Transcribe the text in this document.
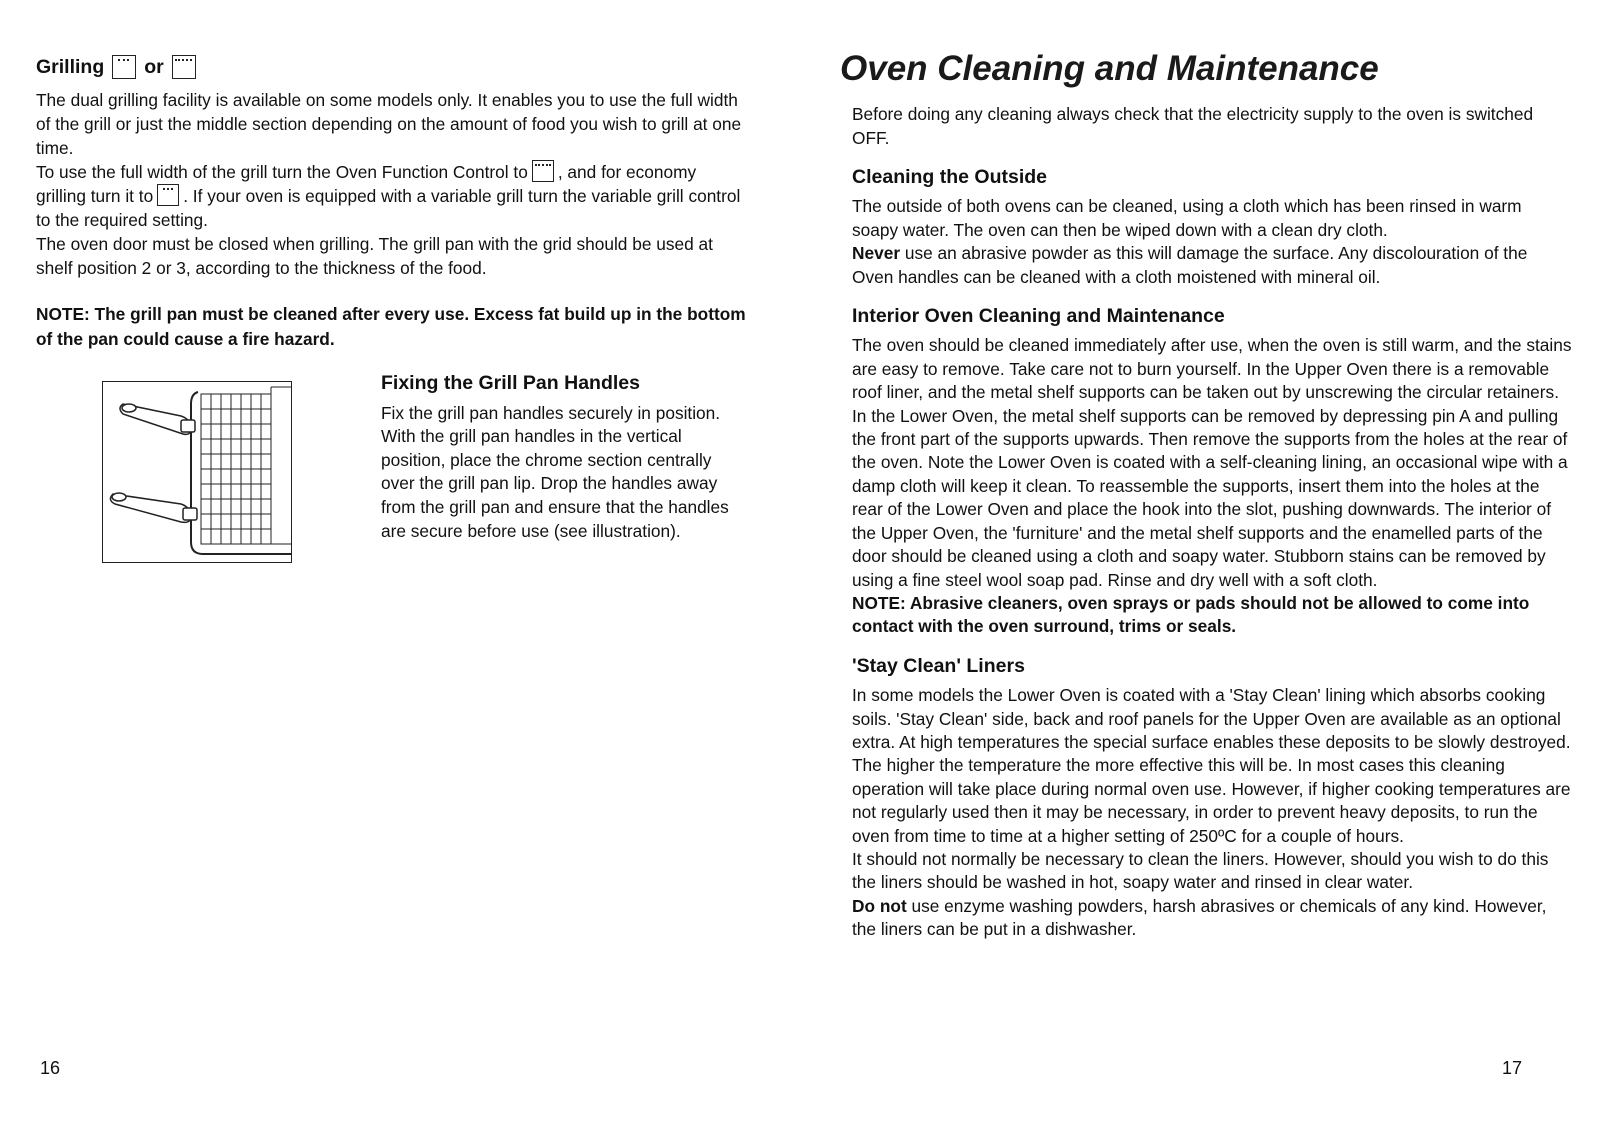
Grilling or

The dual grilling facility is available on some models only. It enables you to use the full width of the grill or just the middle section depending on the amount of food you wish to grill at one time.

To use the full width of the grill turn the Oven Function Control to , and for economy grilling turn it to . If your oven is equipped with a variable grill turn the variable grill control to the required setting.

The oven door must be closed when grilling. The grill pan with the grid should be used at shelf position 2 or 3, according to the thickness of the food.

NOTE: The grill pan must be cleaned after every use. Excess fat build up in the bottom of the pan could cause a fire hazard.

Fixing the Grill Pan Handles

Fix the grill pan handles securely in position. With the grill pan handles in the vertical position, place the chrome section centrally over the grill pan lip. Drop the handles away from the grill pan and ensure that the handles are secure before use (see illustration).

16
Oven Cleaning and Maintenance

Before doing any cleaning always check that the electricity supply to the oven is switched OFF.

Cleaning the Outside

The outside of both ovens can be cleaned, using a cloth which has been rinsed in warm soapy water. The oven can then be wiped down with a clean dry cloth.
Never use an abrasive powder as this will damage the surface. Any discolouration of the Oven handles can be cleaned with a cloth moistened with mineral oil.

Interior Oven Cleaning and Maintenance

The oven should be cleaned immediately after use, when the oven is still warm, and the stains are easy to remove. Take care not to burn yourself. In the Upper Oven there is a removable roof liner, and the metal shelf supports can be taken out by unscrewing the circular retainers. In the Lower Oven, the metal shelf supports can be removed by depressing pin A and pulling the front part of the supports upwards. Then remove the supports from the holes at the rear of the oven. Note the Lower Oven is coated with a self-cleaning lining, an occasional wipe with a damp cloth will keep it clean. To reassemble the supports, insert them into the holes at the rear of the Lower Oven and place the hook into the slot, pushing downwards. The interior of the Upper Oven, the 'furniture' and the metal shelf supports and the enamelled parts of the door should be cleaned using a cloth and soapy water. Stubborn stains can be removed by using a fine steel wool soap pad. Rinse and dry well with a soft cloth.

NOTE: Abrasive cleaners, oven sprays or pads should not be allowed to come into contact with the oven surround, trims or seals.

'Stay Clean' Liners

In some models the Lower Oven is coated with a 'Stay Clean' lining which absorbs cooking soils. 'Stay Clean' side, back and roof panels for the Upper Oven are available as an optional extra. At high temperatures the special surface enables these deposits to be slowly destroyed. The higher the temperature the more effective this will be. In most cases this cleaning operation will take place during normal oven use. However, if higher cooking temperatures are not regularly used then it may be necessary, in order to prevent heavy deposits, to run the oven from time to time at a higher setting of 250ºC for a couple of hours.

It should not normally be necessary to clean the liners. However, should you wish to do this the liners should be washed in hot, soapy water and rinsed in clear water.
Do not use enzyme washing powders, harsh abrasives or chemicals of any kind. However, the liners can be put in a dishwasher.

17
